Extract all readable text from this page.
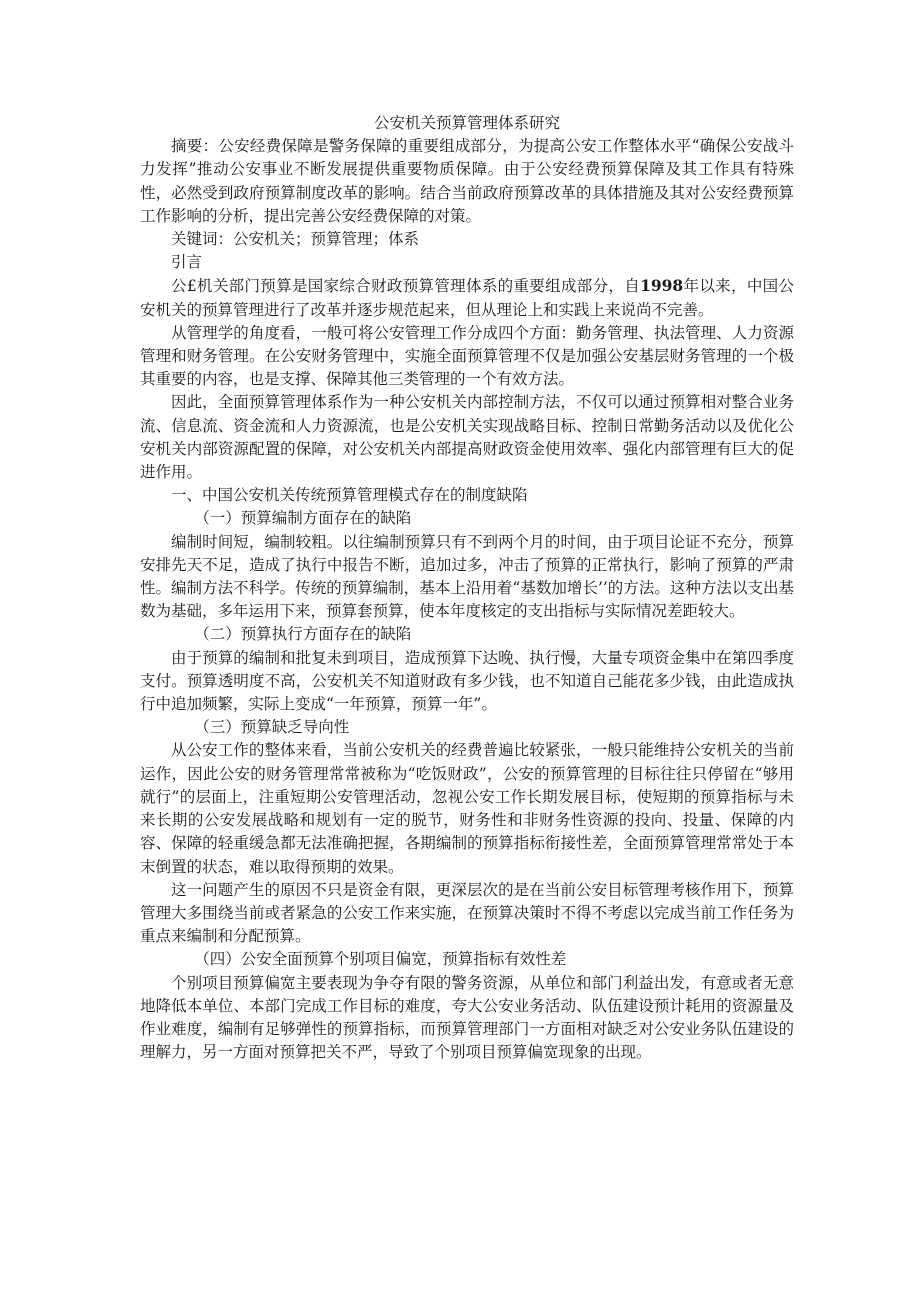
公安机关预算管理体系研究

摘要：公安经费保障是警务保障的重要组成部分，为提高公安工作整体水平“确保公安战斗力发挥”推动公安事业不断发展提供重要物质保障。由于公安经费预算保障及其工作具有特殊性，必然受到政府预算制度改革的影响。结合当前政府预算改革的具体措施及其对公安经费预算工作影响的分析，提出完善公安经费保障的对策。

关键词：公安机关；预算管理；体系

引言

公£机关部门预算是国家综合财政预算管理体系的重要组成部分，自1998年以来，中国公安机关的预算管理进行了改革并逐步规范起来，但从理论上和实践上来说尚不完善。

从管理学的角度看，一般可将公安管理工作分成四个方面：勤务管理、执法管理、人力资源管理和财务管理。在公安财务管理中，实施全面预算管理不仅是加强公安基层财务管理的一个极其重要的内容，也是支撑、保障其他三类管理的一个有效方法。

因此，全面预算管理体系作为一种公安机关内部控制方法，不仅可以通过预算相对整合业务流、信息流、资金流和人力资源流，也是公安机关实现战略目标、控制日常勤务活动以及优化公安机关内部资源配置的保障，对公安机关内部提高财政资金使用效率、强化内部管理有巨大的促进作用。

一、中国公安机关传统预算管理模式存在的制度缺陷

（一）预算编制方面存在的缺陷

编制时间短，编制较粗。以往编制预算只有不到两个月的时间，由于项目论证不充分，预算安排先天不足，造成了执行中报告不断，追加过多，冲击了预算的正常执行，影响了预算的严肃性。编制方法不科学。传统的预算编制，基本上沿用着“基数加增长’’的方法。这种方法以支出基数为基础，多年运用下来，预算套预算，使本年度核定的支出指标与实际情况差距较大。

（二）预算执行方面存在的缺陷

由于预算的编制和批复未到项目，造成预算下达晚、执行慢，大量专项资金集中在第四季度支付。预算透明度不高，公安机关不知道财政有多少钱，也不知道自己能花多少钱，由此造成执行中追加频繁，实际上变成“一年预算，预算一年”。

（三）预算缺乏导向性

从公安工作的整体来看，当前公安机关的经费普遍比较紧张，一般只能维持公安机关的当前运作，因此公安的财务管理常常被称为“吃饭财政”，公安的预算管理的目标往往只停留在“够用就行”的层面上，注重短期公安管理活动，忽视公安工作长期发展目标，使短期的预算指标与未来长期的公安发展战略和规划有一定的脱节，财务性和非财务性资源的投向、投量、保障的内容、保障的轻重缓急都无法准确把握，各期编制的预算指标衔接性差，全面预算管理常常处于本末倒置的状态，难以取得预期的效果。

这一问题产生的原因不只是资金有限，更深层次的是在当前公安目标管理考核作用下，预算管理大多围绕当前或者紧急的公安工作来实施，在预算决策时不得不考虑以完成当前工作任务为重点来编制和分配预算。

（四）公安全面预算个别项目偏宽，预算指标有效性差

个别项目预算偏宽主要表现为争夺有限的警务资源，从单位和部门利益出发，有意或者无意地降低本单位、本部门完成工作目标的难度，夸大公安业务活动、队伍建设预计耗用的资源量及作业难度，编制有足够弹性的预算指标，而预算管理部门一方面相对缺乏对公安业务队伍建设的理解力，另一方面对预算把关不严，导致了个别项目预算偏宽现象的出现。
